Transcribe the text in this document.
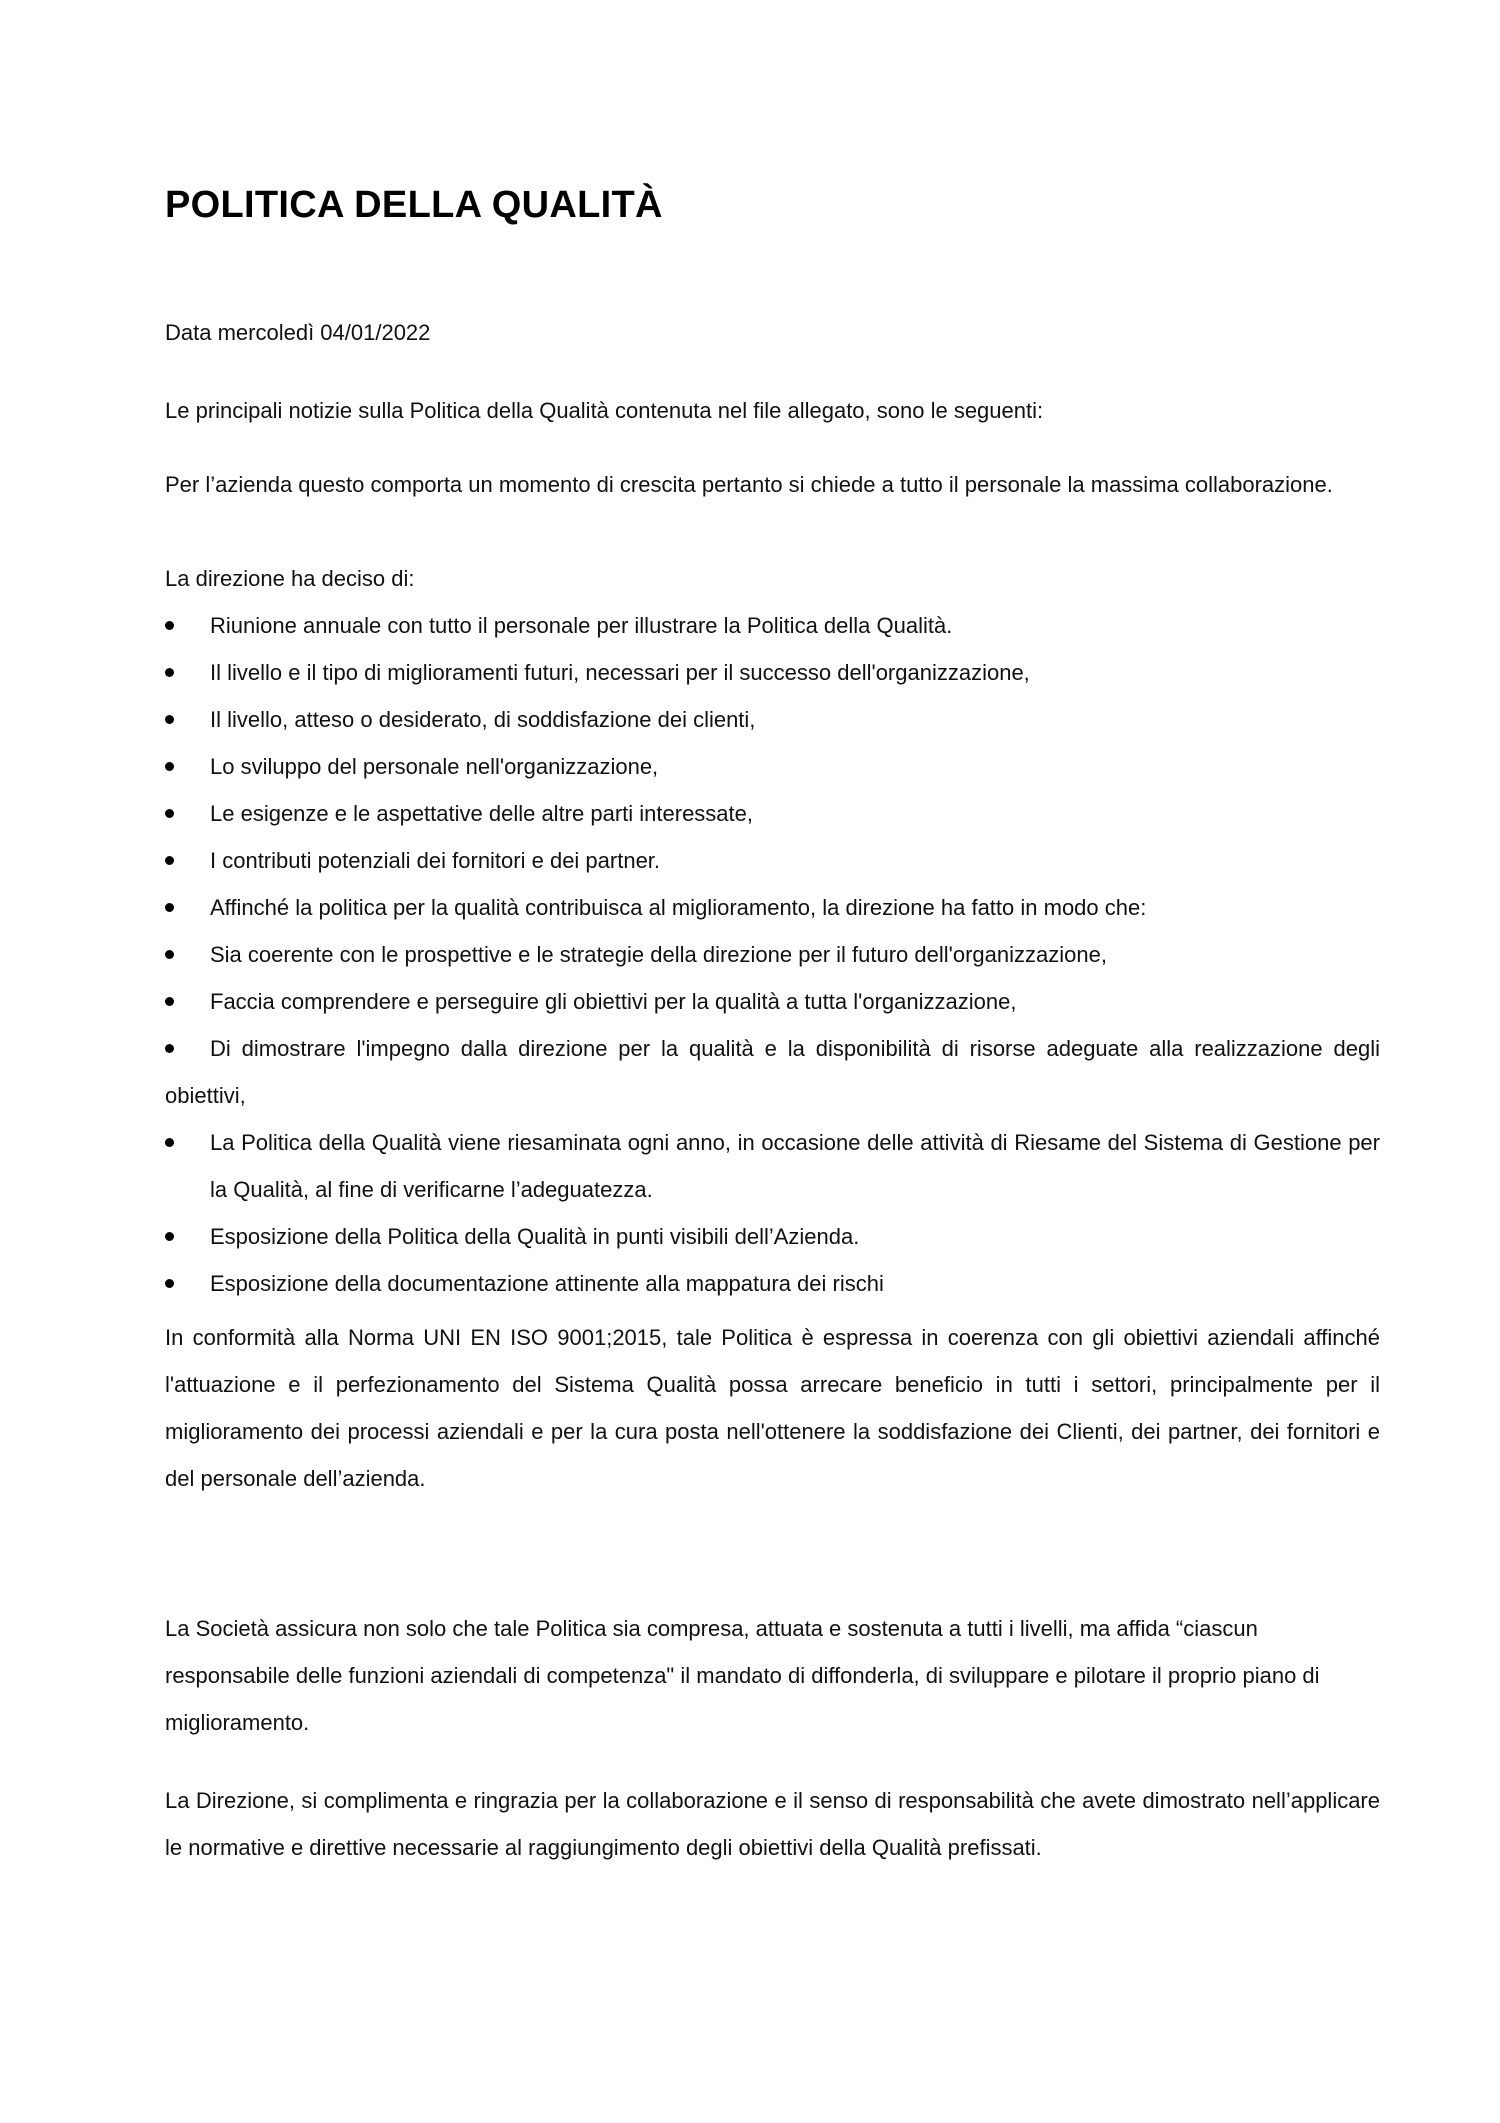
POLITICA DELLA QUALITÀ
Data mercoledì 04/01/2022
Le principali notizie sulla Politica della Qualità contenuta nel file allegato, sono le seguenti:
Per l’azienda questo comporta un momento di crescita pertanto si chiede a tutto il personale la massima collaborazione.
La direzione ha deciso di:
Riunione annuale con tutto il personale per illustrare la Politica della Qualità.
Il livello e il tipo di miglioramenti futuri, necessari per il successo dell'organizzazione,
Il livello, atteso o desiderato, di soddisfazione dei clienti,
Lo sviluppo del personale nell'organizzazione,
Le esigenze e le aspettative delle altre parti interessate,
I contributi potenziali dei fornitori e dei partner.
Affinché la politica per la qualità contribuisca al miglioramento, la direzione ha fatto in modo che:
Sia coerente con le prospettive e le strategie della direzione per il futuro dell'organizzazione,
Faccia comprendere e perseguire gli obiettivi per la qualità a tutta l'organizzazione,
Di dimostrare l'impegno dalla direzione per la qualità e la disponibilità di risorse adeguate alla realizzazione degli obiettivi,
La Politica della Qualità viene riesaminata ogni anno, in occasione delle attività di Riesame del Sistema di Gestione per la Qualità, al fine di verificarne l’adeguatezza.
Esposizione della Politica della Qualità in punti visibili dell’Azienda.
Esposizione della documentazione attinente alla mappatura dei rischi
In conformità alla Norma UNI EN ISO 9001;2015, tale Politica è espressa in coerenza con gli obiettivi aziendali affinché l'attuazione e il perfezionamento del Sistema Qualità possa arrecare beneficio in tutti i settori, principalmente per il miglioramento dei processi aziendali e per la cura posta nell'ottenere la soddisfazione dei Clienti, dei partner, dei fornitori e del personale dell’azienda.
La Società assicura non solo che tale Politica sia compresa, attuata e sostenuta a tutti i livelli, ma affida “ciascun responsabile delle funzioni aziendali di competenza" il mandato di diffonderla, di sviluppare e pilotare il proprio piano di miglioramento.
La Direzione, si complimenta e ringrazia per la collaborazione e il senso di responsabilità che avete dimostrato nell’applicare le normative e direttive necessarie al raggiungimento degli obiettivi della Qualità prefissati.
